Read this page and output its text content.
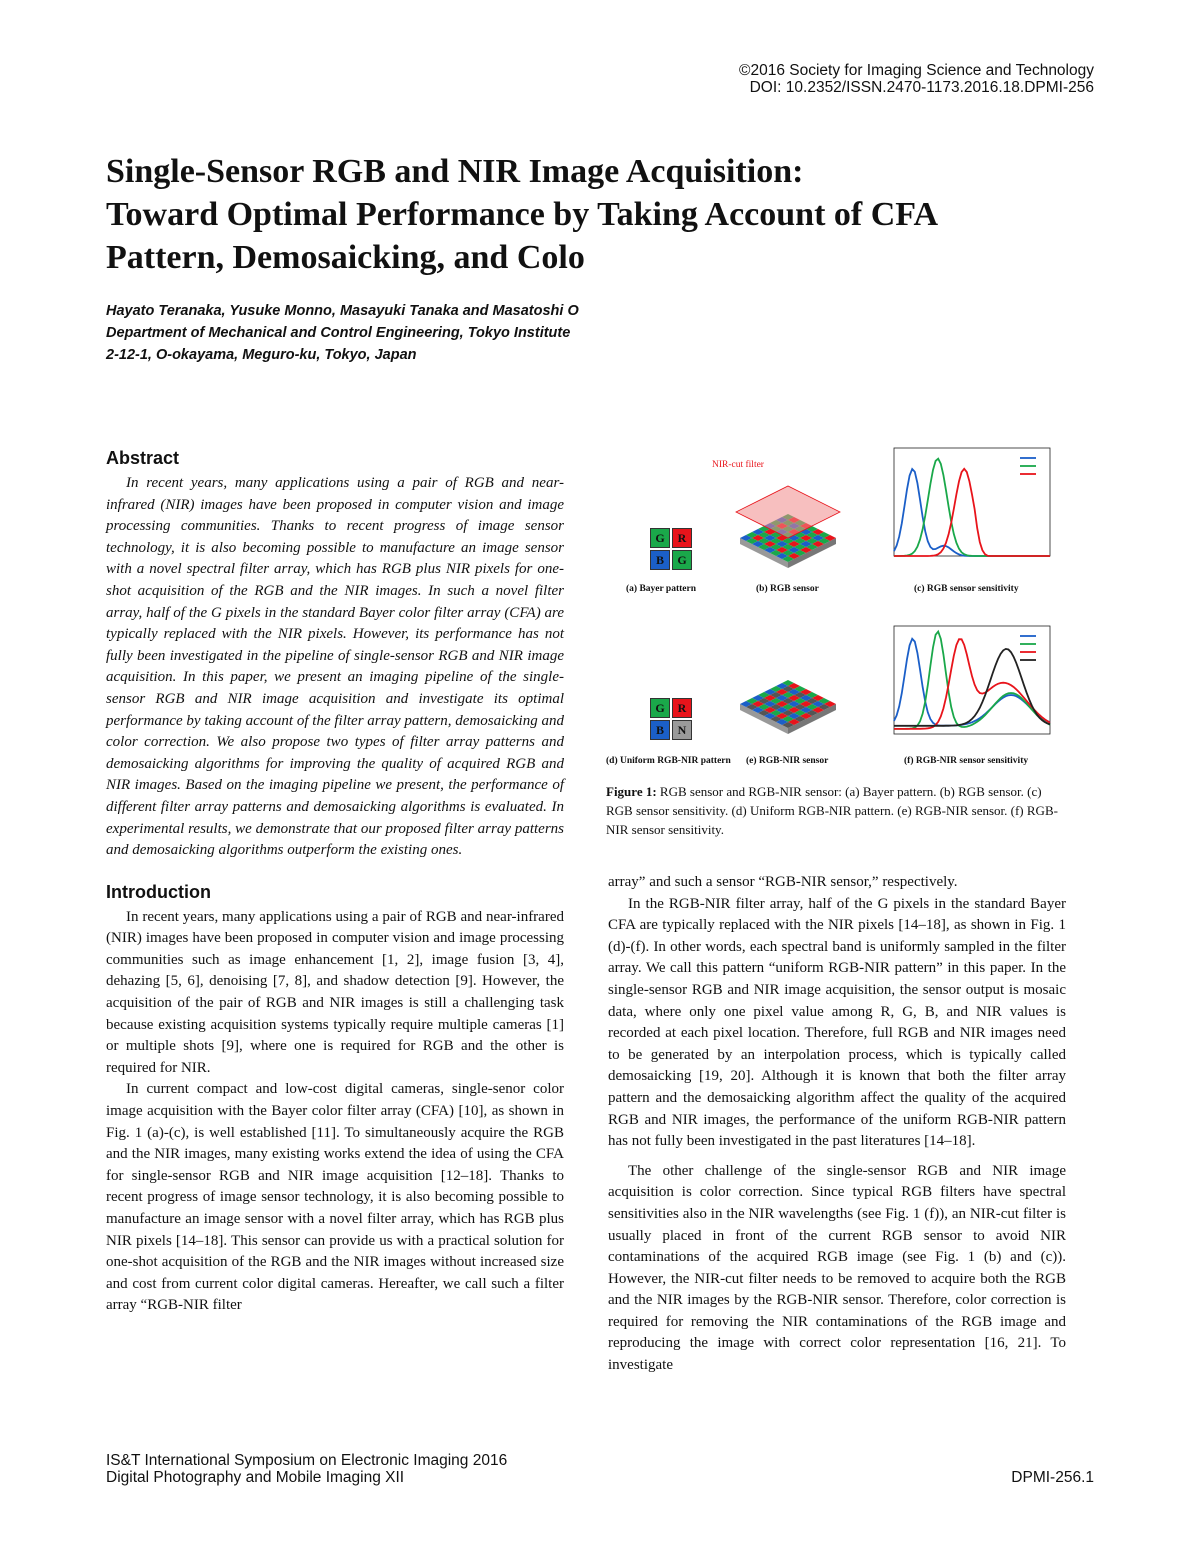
©2016 Society for Imaging Science and Technology
DOI: 10.2352/ISSN.2470-1173.2016.18.DPMI-256
Single-Sensor RGB and NIR Image Acquisition:
Toward Optimal Performance by Taking Account of CFA
Pattern, Demosaicking, and Colo
Hayato Teranaka, Yusuke Monno, Masayuki Tanaka and Masatoshi O
Department of Mechanical and Control Engineering, Tokyo Institute
2-12-1, O-okayama, Meguro-ku, Tokyo, Japan
Abstract

In recent years, many applications using a pair of RGB and near-infrared (NIR) images have been proposed in computer vision and image processing communities. Thanks to recent progress of image sensor technology, it is also becoming possible to manufacture an image sensor with a novel spectral filter array, which has RGB plus NIR pixels for one-shot acquisition of the RGB and the NIR images. In such a novel filter array, half of the G pixels in the standard Bayer color filter array (CFA) are typically replaced with the NIR pixels. However, its performance has not fully been investigated in the pipeline of single-sensor RGB and NIR image acquisition. In this paper, we present an imaging pipeline of the single-sensor RGB and NIR image acquisition and investigate its optimal performance by taking account of the filter array pattern, demosaicking and color correction. We also propose two types of filter array patterns and demosaicking algorithms for improving the quality of acquired RGB and NIR images. Based on the imaging pipeline we present, the performance of different filter array patterns and demosaicking algorithms is evaluated. In experimental results, we demonstrate that our proposed filter array patterns and demosaicking algorithms outperform the existing ones.

Introduction

In recent years, many applications using a pair of RGB and near-infrared (NIR) images have been proposed in computer vision and image processing communities such as image enhancement [1, 2], image fusion [3, 4], dehazing [5, 6], denoising [7, 8], and shadow detection [9]. However, the acquisition of the pair of RGB and NIR images is still a challenging task because existing acquisition systems typically require multiple cameras [1] or multiple shots [9], where one is required for RGB and the other is required for NIR.

In current compact and low-cost digital cameras, single-senor color image acquisition with the Bayer color filter array (CFA) [10], as shown in Fig. 1 (a)-(c), is well established [11]. To simultaneously acquire the RGB and the NIR images, many existing works extend the idea of using the CFA for single-sensor RGB and NIR image acquisition [12–18]. Thanks to recent progress of image sensor technology, it is also becoming possible to manufacture an image sensor with a novel filter array, which has RGB plus NIR pixels [14–18]. This sensor can provide us with a practical solution for one-shot acquisition of the RGB and the NIR images without increased size and cost from current color digital cameras. Hereafter, we call such a filter array “RGB-NIR filter

G	R
B	G
(a) Bayer pattern
NIR-cut filter
(b) RGB sensor	(c) RGB sensor sensitivity
G	R
B	N
(d) Uniform RGB-NIR pattern (e) RGB-NIR sensor	(f) RGB-NIR sensor sensitivity
Figure 1: RGB sensor and RGB-NIR sensor: (a) Bayer pattern. (b) RGB sensor. (c) RGB sensor sensitivity. (d) Uniform RGB-NIR pattern. (e) RGB-NIR sensor. (f) RGB-NIR sensor sensitivity.

array” and such a sensor “RGB-NIR sensor,” respectively.

In the RGB-NIR filter array, half of the G pixels in the standard Bayer CFA are typically replaced with the NIR pixels [14–18], as shown in Fig. 1 (d)-(f). In other words, each spectral band is uniformly sampled in the filter array. We call this pattern “uniform RGB-NIR pattern” in this paper. In the single-sensor RGB and NIR image acquisition, the sensor output is mosaic data, where only one pixel value among R, G, B, and NIR values is recorded at each pixel location. Therefore, full RGB and NIR images need to be generated by an interpolation process, which is typically called demosaicking [19, 20]. Although it is known that both the filter array pattern and the demosaicking algorithm affect the quality of the acquired RGB and NIR images, the performance of the uniform RGB-NIR pattern has not fully been investigated in the past literatures [14–18].

The other challenge of the single-sensor RGB and NIR image acquisition is color correction. Since typical RGB filters have spectral sensitivities also in the NIR wavelengths (see Fig. 1 (f)), an NIR-cut filter is usually placed in front of the current RGB sensor to avoid NIR contaminations of the acquired RGB image (see Fig. 1 (b) and (c)). However, the NIR-cut filter needs to be removed to acquire both the RGB and the NIR images by the RGB-NIR sensor. Therefore, color correction is required for removing the NIR contaminations of the RGB image and reproducing the image with correct color representation [16, 21]. To investigate

IS&T International Symposium on Electronic Imaging 2016
Digital Photography and Mobile Imaging XII	DPMI-256.1
